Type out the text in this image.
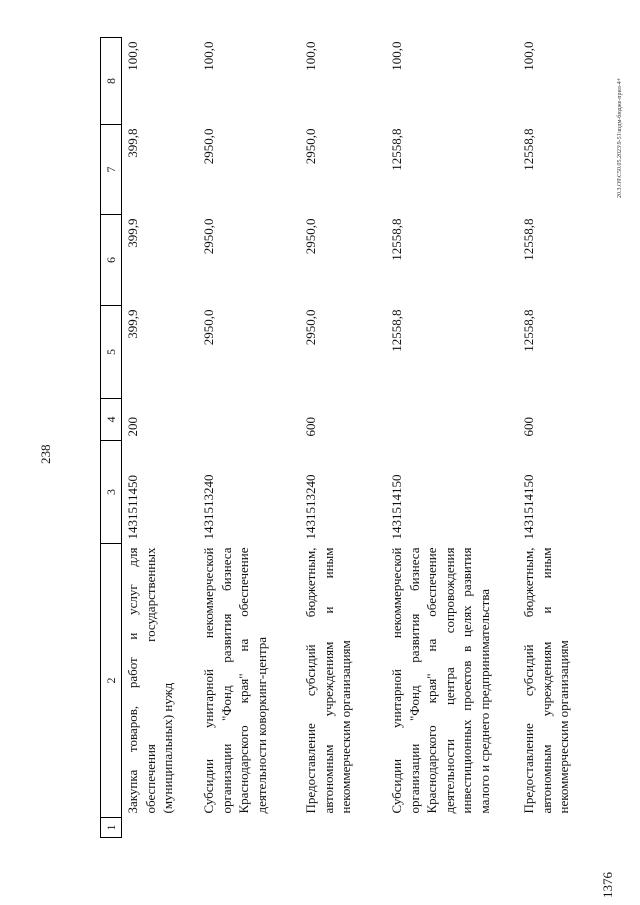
238
1376
20.3.О9\С50.05.2023\9-51\вздм-бюдже-прил-4+
1	2	3	4	5	6	7	8
	Закупка товаров, работ и услуг для обеспечения государственных (муниципальных) нужд	1431511450	200	399,9	399,9	399,8	100,0
	Субсидии унитарной некоммерческой организации "Фонд развития бизнеса Краснодарского края" на обеспечение деятельности коворкинг-центра	1431513240		2950,0	2950,0	2950,0	100,0
	Предоставление субсидий бюджетным, автономным учреждениям и иным некоммерческим организациям	1431513240	600	2950,0	2950,0	2950,0	100,0
	Субсидии унитарной некоммерческой организации "Фонд развития бизнеса Краснодарского края" на обеспечение деятельности центра сопровождения инвестиционных проектов в целях развития малого и среднего предпринимательства	1431514150		12558,8	12558,8	12558,8	100,0
	Предоставление субсидий бюджетным, автономным учреждениям и иным некоммерческим организациям	1431514150	600	12558,8	12558,8	12558,8	100,0
